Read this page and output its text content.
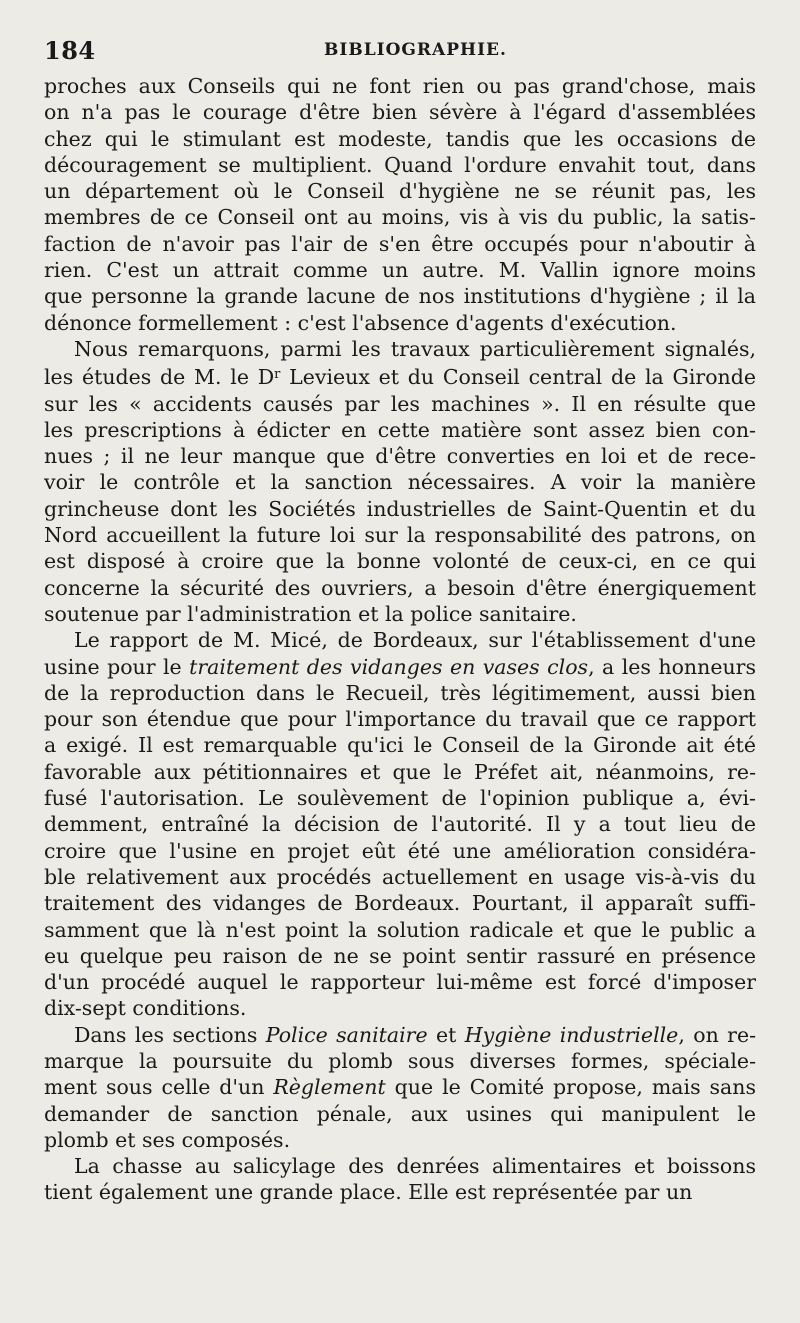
184	BIBLIOGRAPHIE.
proches aux Conseils qui ne font rien ou pas grand'chose, mais
on n'a pas le courage d'être bien sévère à l'égard d'assemblées
chez qui le stimulant est modeste, tandis que les occasions de
découragement se multiplient. Quand l'ordure envahit tout, dans
un département où le Conseil d'hygiène ne se réunit pas, les
membres de ce Conseil ont au moins, vis à vis du public, la satis-
faction de n'avoir pas l'air de s'en être occupés pour n'aboutir à
rien. C'est un attrait comme un autre. M. Vallin ignore moins
que personne la grande lacune de nos institutions d'hygiène ; il la
dénonce formellement : c'est l'absence d'agents d'exécution.
Nous remarquons, parmi les travaux particulièrement signalés,
les études de M. le $D^r$ Levieux et du Conseil central de la Gironde
sur les « accidents causés par les machines ». Il en résulte que
les prescriptions à édicter en cette matière sont assez bien con-
nues ; il ne leur manque que d'être converties en loi et de rece-
voir le contrôle et la sanction nécessaires. A voir la manière
grincheuse dont les Sociétés industrielles de Saint-Quentin et du
Nord accueillent la future loi sur la responsabilité des patrons, on
est disposé à croire que la bonne volonté de ceux-ci, en ce qui
concerne la sécurité des ouvriers, a besoin d'être énergiquement
soutenue par l'administration et la police sanitaire.
Le rapport de M. Micé, de Bordeaux, sur l'établissement d'une
usine pour le traitement des vidanges en vases clos, a les honneurs
de la reproduction dans le Recueil, très légitimement, aussi bien
pour son étendue que pour l'importance du travail que ce rapport
a exigé. Il est remarquable qu'ici le Conseil de la Gironde ait été
favorable aux pétitionnaires et que le Préfet ait, néanmoins, re-
fusé l'autorisation. Le soulèvement de l'opinion publique a, évi-
demment, entraîné la décision de l'autorité. Il y a tout lieu de
croire que l'usine en projet eût été une amélioration considéra-
ble relativement aux procédés actuellement en usage vis-à-vis du
traitement des vidanges de Bordeaux. Pourtant, il apparaît suffi-
samment que là n'est point la solution radicale et que le public a
eu quelque peu raison de ne se point sentir rassuré en présence
d'un procédé auquel le rapporteur lui-même est forcé d'imposer
dix-sept conditions.
Dans les sections Police sanitaire et Hygiène industrielle, on re-
marque la poursuite du plomb sous diverses formes, spéciale-
ment sous celle d'un Règlement que le Comité propose, mais sans
demander de sanction pénale, aux usines qui manipulent le
plomb et ses composés.
La chasse au salicylage des denrées alimentaires et boissons
tient également une grande place. Elle est représentée par un
